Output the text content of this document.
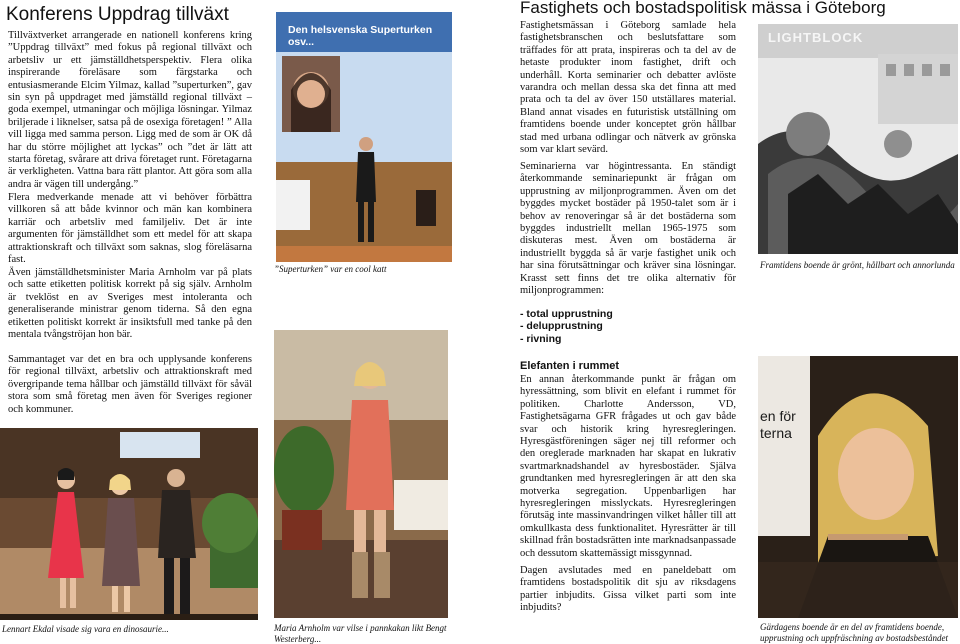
Konferens Uppdrag tillväxt

Tillväxtverket arrangerade en nationell konferens kring ”Uppdrag tillväxt” med fokus på regional tillväxt och arbetsliv ur ett jämställdhetsperspektiv. Flera olika inspirerande föreläsare som färgstarka och entusiasmerande Elcim Yilmaz, kallad ”superturken”, gav sin syn på uppdraget med jämställd regional tillväxt – goda exempel, utmaningar och möjliga lösningar. Yilmaz briljerade i liknelser, satsa på de osexiga företagen! ” Alla vill ligga med samma person. Ligg med de som är OK då har du större möjlighet att lyckas” och ”det är lätt att starta företag, svårare att driva företaget runt. Företagarna är verkligheten. Vattna bara rätt plantor. Att göra som alla andra är vägen till undergång.”

Flera medverkande menade att vi behöver förbättra villkoren så att både kvinnor och män kan kombinera karriär och arbetsliv med familjeliv. Det är inte argumenten för jämställdhet som ett medel för att skapa attraktionskraft och tillväxt som saknas, slog föreläsarna fast.

Även jämställdhetsminister Maria Arnholm var på plats och satte etiketten politisk korrekt på sig själv. Arnholm är tveklöst en av Sveriges mest intoleranta och generaliserande ministrar genom tiderna. Så den egna etiketten politiskt korrekt är insiktsfull med tanke på den mentala tvångströjan hon bär.

Sammantaget var det en bra och upplysande konferens för regional tillväxt, arbetsliv och attraktionskraft med övergripande tema hållbar och jämställd tillväxt för såväl stora som små företag men även för Sveriges regioner och kommuner.

Lennart Ekdal visade sig vara en dinosaurie...
Den helsvenska Superturken osv...
”Superturken” var en cool katt
Maria Arnholm var vilse i pannkakan likt Bengt Westerberg...
Fastighets och bostadspolitisk mässa i Göteborg

Fastighetsmässan i Göteborg samlade hela fastighetsbranschen och beslutsfattare som träffades för att prata, inspireras och ta del av de hetaste produkter inom fastighet, drift och underhåll. Korta seminarier och debatter avlöste varandra och mellan dessa ska det finna att med prata och ta del av över 150 utställares material. Bland annat visades en futuristisk utställning om framtidens boende under konceptet grön hållbar stad med urbana odlingar och nätverk av grönska som var klart sevärd.

Seminarierna var högintressanta. En ständigt återkommande seminariepunkt är frågan om upprustning av miljonprogrammen. Även om det byggdes mycket bostäder på 1950-talet som är i behov av renoveringar så är det bostäderna som byggdes industriellt mellan 1965-1975 som diskuteras mest. Även om bostäderna är industriellt byggda så är varje fastighet unik och har sina förutsättningar och kräver sina lösningar. Krasst sett finns det tre olika alternativ för miljonprogrammen:

- total upprustning
- delupprustning
- rivning
Elefanten i rummet

En annan återkommande punkt är frågan om hyressättning, som blivit en elefant i rummet för politiken. Charlotte Andersson, VD, Fastighetsägarna GFR frågades ut och gav både svar och historik kring hyresregleringen. Hyresgästföreningen säger nej till reformer och den oreglerade marknaden har skapat en lukrativ svartmarknadshandel av hyresbostäder. Själva grundtanken med hyresregleringen är att den ska motverka segregation. Uppenbarligen har hyresregleringen misslyckats. Hyresregleringen förutsäg inte massinvandringen vilket håller till att omkullkasta dess funktionalitet. Hyresrätter är till skillnad från bostadsrätten inte marknadsanpassade och dessutom skattemässigt missgynnad.

Dagen avslutades med en paneldebatt om framtidens bostadspolitik dit sju av riksdagens partier inbjudits. Gissa vilket parti som inte inbjudits?

LIGHTBLOCK
Framtidens boende är grönt, hållbart och annorlunda
en för
terna
Gärdagens boende är en del av framtidens boende, upprustning och uppfräschning av bostadsbeståndet
